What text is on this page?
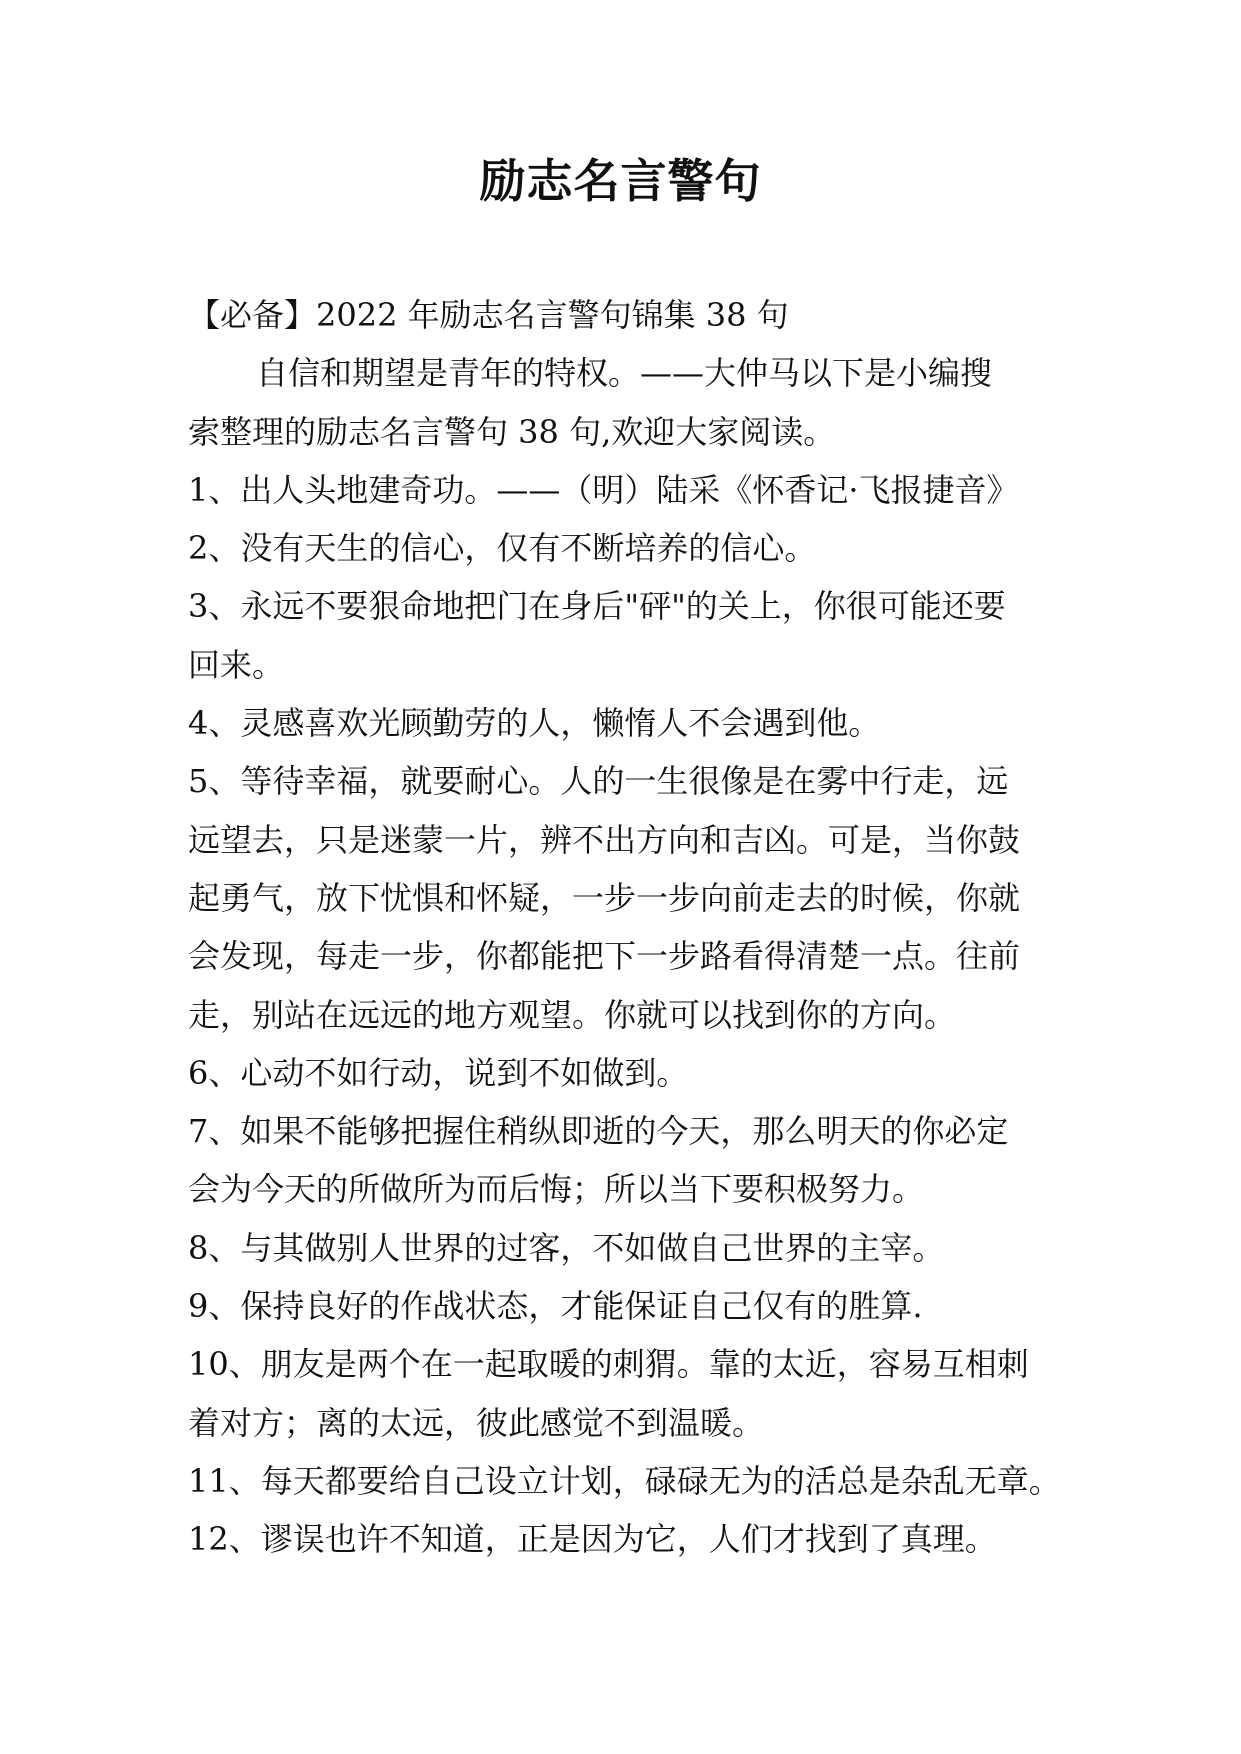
励志名言警句
【必备】2022 年励志名言警句锦集 38 句
自信和期望是青年的特权。——大仲马以下是小编搜
索整理的励志名言警句 38 句,欢迎大家阅读。
1、出人头地建奇功。——（明）陆采《怀香记·飞报捷音》
2、没有天生的信心，仅有不断培养的信心。
3、永远不要狠命地把门在身后"砰"的关上，你很可能还要
回来。
4、灵感喜欢光顾勤劳的人，懒惰人不会遇到他。
5、等待幸福，就要耐心。人的一生很像是在雾中行走，远
远望去，只是迷蒙一片，辨不出方向和吉凶。可是，当你鼓
起勇气，放下忧惧和怀疑，一步一步向前走去的时候，你就
会发现，每走一步，你都能把下一步路看得清楚一点。往前
走，别站在远远的地方观望。你就可以找到你的方向。
6、心动不如行动，说到不如做到。
7、如果不能够把握住稍纵即逝的今天，那么明天的你必定
会为今天的所做所为而后悔；所以当下要积极努力。
8、与其做别人世界的过客，不如做自己世界的主宰。
9、保持良好的作战状态，才能保证自己仅有的胜算.
10、朋友是两个在一起取暖的刺猬。靠的太近，容易互相刺
着对方；离的太远，彼此感觉不到温暖。
11、每天都要给自己设立计划，碌碌无为的活总是杂乱无章。
12、谬误也许不知道，正是因为它，人们才找到了真理。
